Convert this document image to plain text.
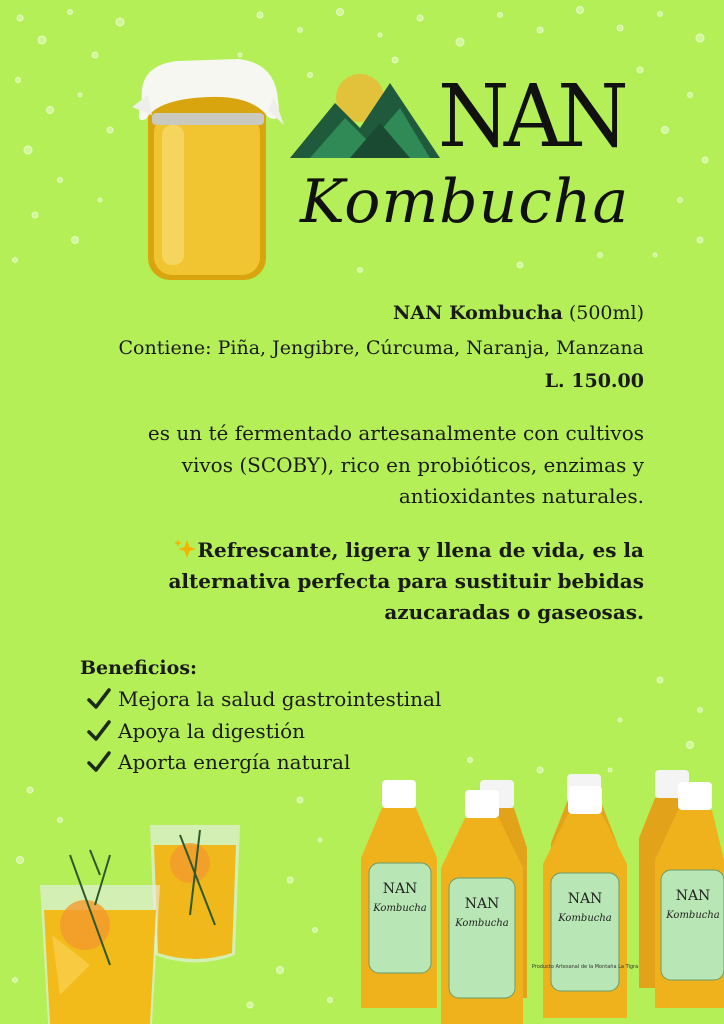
NAN
Kombucha

NAN Kombucha (500ml)

Contiene: Piña, Jengibre, Cúrcuma, Naranja, Manzana

L. 150.00

es un té fermentado artesanalmente con cultivos
vivos (SCOBY), rico en probióticos, enzimas y
antioxidantes naturales.
Refrescante, ligera y llena de vida, es la
alternativa perfecta para sustituir bebidas
azucaradas o gaseosas.
Beneficios:
Mejora la salud gastrointestinal
Apoya la digestión
Aporta energía natural
NAN
Kombucha	NAN
Kombucha
NAN
Kombucha
Producto Artesanal de la Montaña La Tigra
NAN
Kombucha
